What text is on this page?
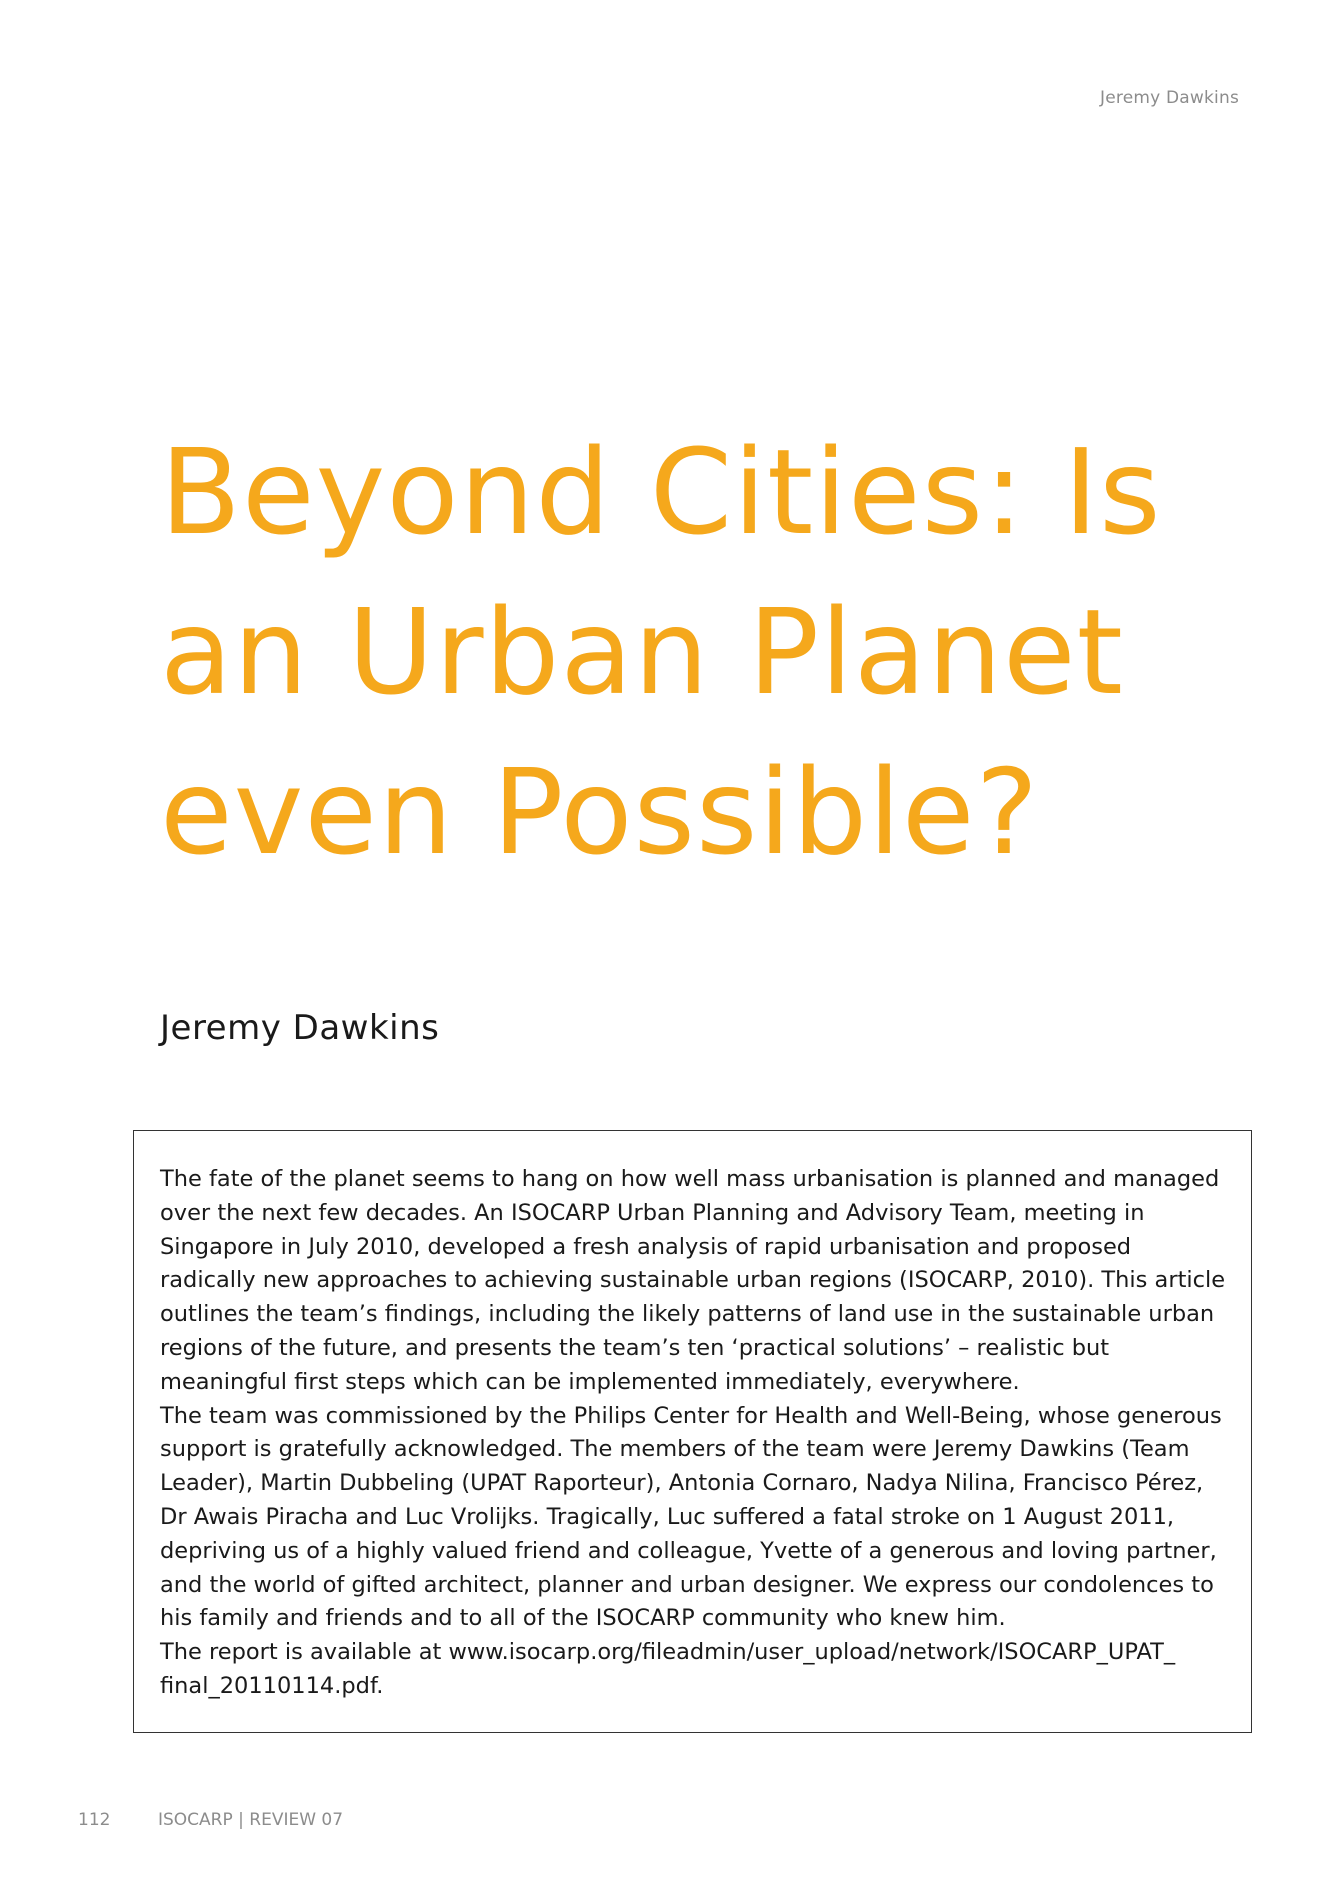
Jeremy Dawkins
Beyond Cities: Is
an Urban Planet
even Possible?
Jeremy Dawkins

The fate of the planet seems to hang on how well mass urbanisation is planned and managed over the next few decades. An ISOCARP Urban Planning and Advisory Team, meeting in Singapore in July 2010, developed a fresh analysis of rapid urbanisation and proposed radically new approaches to achieving sustainable urban regions (ISOCARP, 2010). This article outlines the team’s findings, including the likely patterns of land use in the sustainable urban regions of the future, and presents the team’s ten ‘practical solutions’ – realistic but meaningful first steps which can be implemented immediately, everywhere.

The team was commissioned by the Philips Center for Health and Well-Being, whose generous support is gratefully acknowledged. The members of the team were Jeremy Dawkins (Team Leader), Martin Dubbeling (UPAT Raporteur), Antonia Cornaro, Nadya Nilina, Francisco Pérez, Dr Awais Piracha and Luc Vrolijks. Tragically, Luc suffered a fatal stroke on 1 August 2011, depriving us of a highly valued friend and colleague, Yvette of a generous and loving partner, and the world of gifted architect, planner and urban designer. We express our condolences to his family and friends and to all of the ISOCARP community who knew him.

The report is available at www.isocarp.org/fileadmin/user_upload/network/ISOCARP_UPAT_ final_20110114.pdf.

112	ISOCARP | REVIEW 07
